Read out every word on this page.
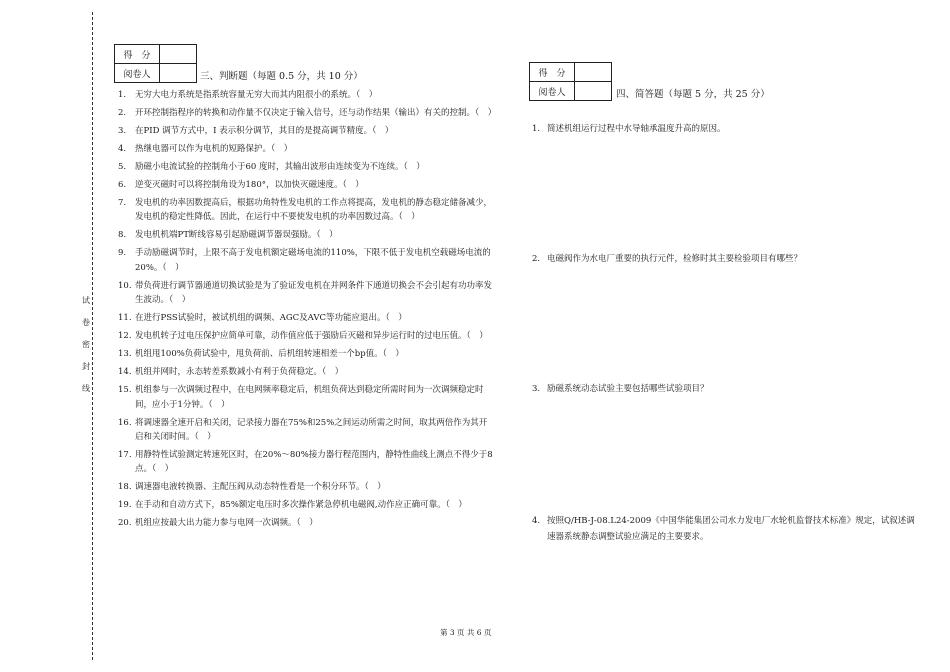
试
卷
密
封
线
得　分	
阅卷人		三、判断题（每题 0.5 分，共 10 分）
1.	无穷大电力系统是指系统容量无穷大而其内阻很小的系统。（　）
2.	开环控制指程序的转换和动作量不仅决定于输入信号，还与动作结果（输出）有关的控制。（　）
3.	在PID 调节方式中，I 表示积分调节，其目的是提高调节精度。（　）
4.	热继电器可以作为电机的短路保护。（　）
5.	励磁小电流试验的控制角小于60 度时，其输出波形由连续变为不连续。（　）
6.	逆变灭磁时可以将控制角设为180°，以加快灭磁速度。（　）
7.	发电机的功率因数提高后，根据功角特性发电机的工作点将提高，发电机的静态稳定储备减少，发电机的稳定性降低。因此，在运行中不要使发电机的功率因数过高。（　）
8.	发电机机端PT断线容易引起励磁调节器误强励。（　）
9.	手动励磁调节时，上限不高于发电机额定磁场电流的110%，下限不低于发电机空载磁场电流的20%。（　）
10. 带负荷进行调节器通道切换试验是为了验证发电机在并网条件下通道切换会不会引起有功功率发生波动。（　）
11. 在进行PSS试验时，被试机组的调频、AGC及AVC等功能应退出。（　）
12. 发电机转子过电压保护应简单可靠，动作值应低于强励后灭磁和异步运行时的过电压值。（　）
13. 机组甩100%负荷试验中，甩负荷前、后机组转速相差一个bp值。（　）
14. 机组并网时，永态转差系数减小有利于负荷稳定。（　）
15. 机组参与一次调频过程中，在电网频率稳定后，机组负荷达到稳定所需时间为一次调频稳定时间，应小于1分钟。（　）
16. 将调速器全速开启和关闭，记录接力器在75%和25%之间运动所需之时间，取其两倍作为其开启和关闭时间。（　）
17. 用静特性试验测定转速死区时，在20%～80%接力器行程范围内，静特性曲线上测点不得少于8点。（　）
18. 调速器电液转换器、主配压阀从动态特性看是一个积分环节。（　）
19. 在手动和自动方式下，85%额定电压时多次操作紧急停机电磁阀,动作应正确可靠。（　）
20. 机组应按最大出力能力参与电网一次调频。（　）
得　分	
阅卷人		四、简答题（每题 5 分，共 25 分）
1. 简述机组运行过程中水导轴承温度升高的原因。
2. 电磁阀作为水电厂重要的执行元件，检修时其主要检验项目有哪些？
3. 励磁系统动态试验主要包括哪些试验项目？
4. 按照Q/HB-J-08.L24-2009《中国华能集团公司水力发电厂水轮机监督技术标准》规定，试叙述调速器系统静态调整试验应满足的主要要求。
第 3 页 共 6 页
